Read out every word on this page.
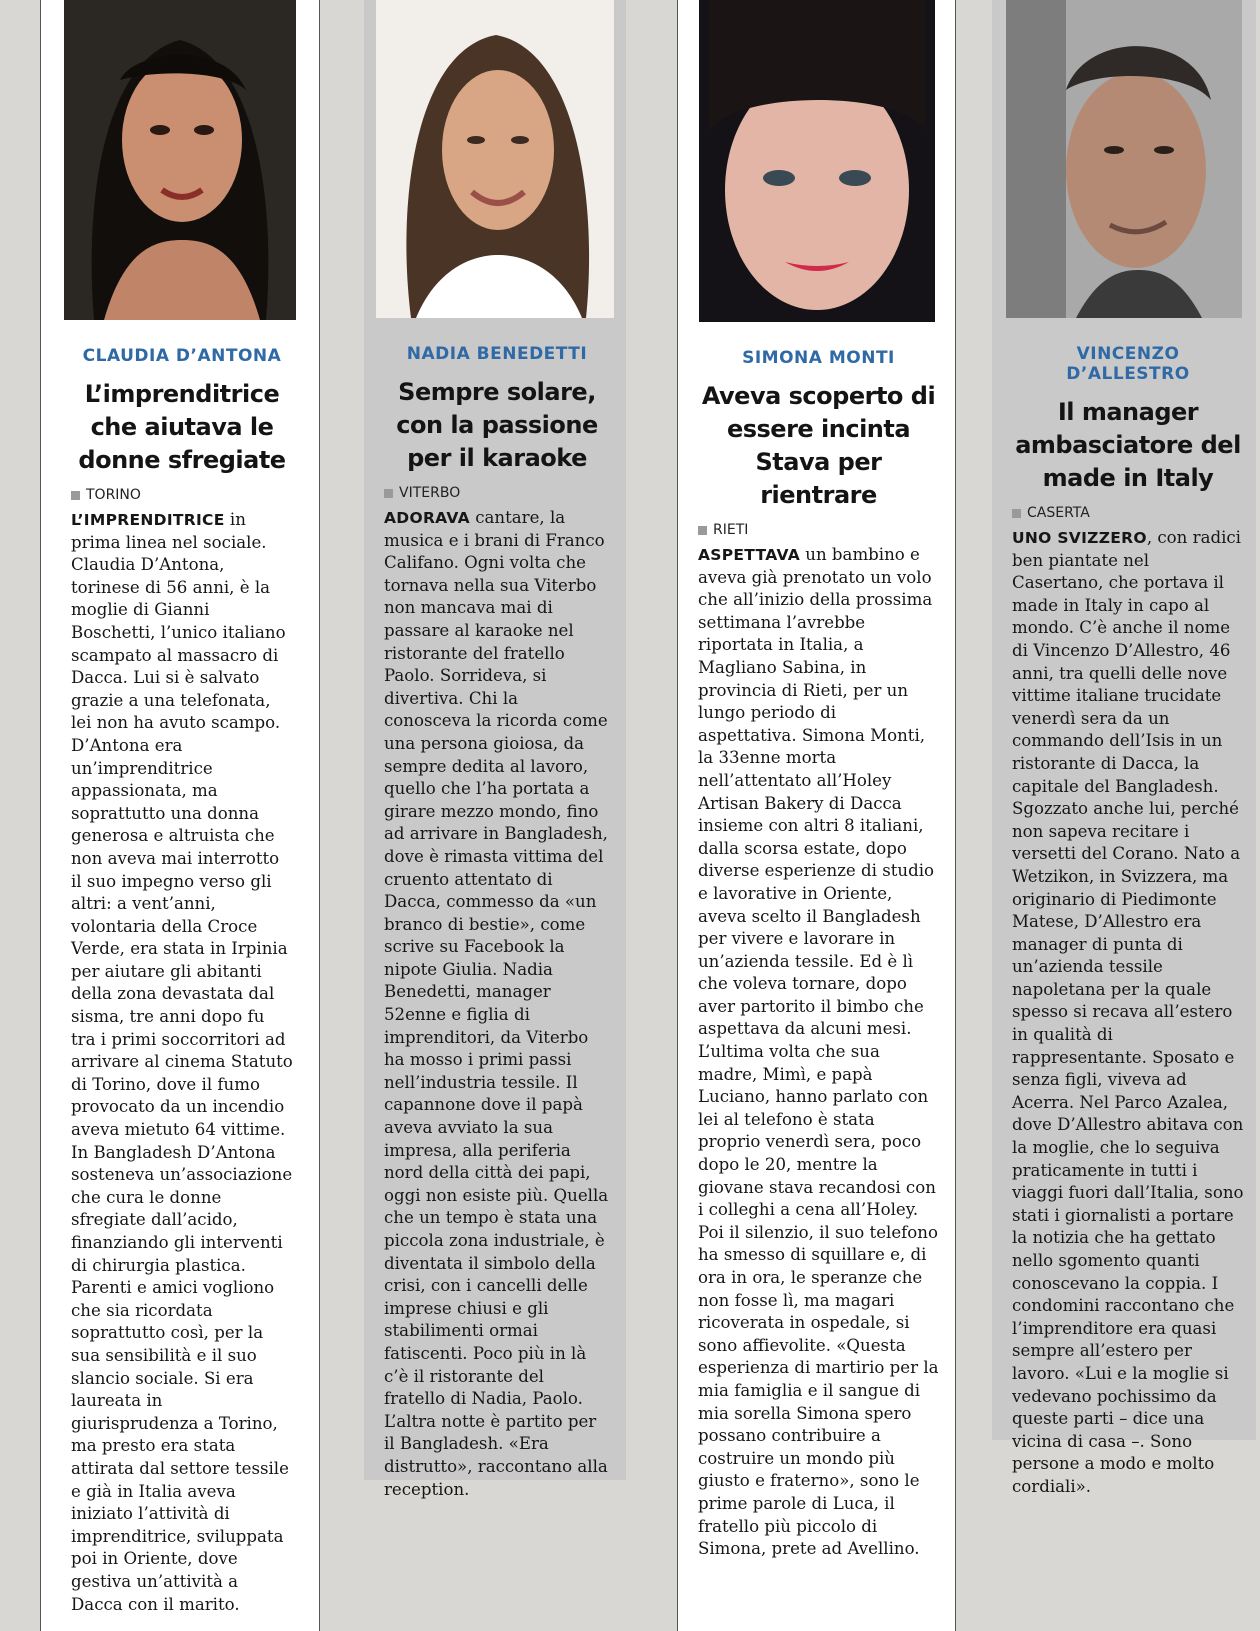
CLAUDIA D’ANTONA
L’imprenditrice che aiutava le donne sfregiate
TORINO
L’IMPRENDITRICE in prima linea nel sociale. Claudia D’Antona, torinese di 56 anni, è la moglie di Gianni Boschetti, l’unico italiano scampato al massacro di Dacca. Lui si è salvato grazie a una telefonata, lei non ha avuto scampo. D’Antona era un’imprenditrice appassionata, ma soprattutto una donna generosa e altruista che non aveva mai interrotto il suo impegno verso gli altri: a vent’anni, volontaria della Croce Verde, era stata in Irpinia per aiutare gli abitanti della zona devastata dal sisma, tre anni dopo fu tra i primi soccorritori ad arrivare al cinema Statuto di Torino, dove il fumo provocato da un incendio aveva mietuto 64 vittime. In Bangladesh D’Antona sosteneva un’associazione che cura le donne sfregiate dall’acido, finanziando gli interventi di chirurgia plastica. Parenti e amici vogliono che sia ricordata soprattutto così, per la sua sensibilità e il suo slancio sociale. Si era laureata in giurisprudenza a Torino, ma presto era stata attirata dal settore tessile e già in Italia aveva iniziato l’attività di imprenditrice, sviluppata poi in Oriente, dove gestiva un’attività a Dacca con il marito.
NADIA BENEDETTI
Sempre solare, con la passione per il karaoke
VITERBO
ADORAVA cantare, la musica e i brani di Franco Califano. Ogni volta che tornava nella sua Viterbo non mancava mai di passare al karaoke nel ristorante del fratello Paolo. Sorrideva, si divertiva. Chi la conosceva la ricorda come una persona gioiosa, da sempre dedita al lavoro, quello che l’ha portata a girare mezzo mondo, fino ad arrivare in Bangladesh, dove è rimasta vittima del cruento attentato di Dacca, commesso da «un branco di bestie», come scrive su Facebook la nipote Giulia. Nadia Benedetti, manager 52enne e figlia di imprenditori, da Viterbo ha mosso i primi passi nell’industria tessile. Il capannone dove il papà aveva avviato la sua impresa, alla periferia nord della città dei papi, oggi non esiste più. Quella che un tempo è stata una piccola zona industriale, è diventata il simbolo della crisi, con i cancelli delle imprese chiusi e gli stabilimenti ormai fatiscenti. Poco più in là c’è il ristorante del fratello di Nadia, Paolo. L’altra notte è partito per il Bangladesh. «Era distrutto», raccontano alla reception.
SIMONA MONTI
Aveva scoperto di essere incinta Stava per rientrare
RIETI
ASPETTAVA un bambino e aveva già prenotato un volo che all’inizio della prossima settimana l’avrebbe riportata in Italia, a Magliano Sabina, in provincia di Rieti, per un lungo periodo di aspettativa. Simona Monti, la 33enne morta nell’attentato all’Holey Artisan Bakery di Dacca insieme con altri 8 italiani, dalla scorsa estate, dopo diverse esperienze di studio e lavorative in Oriente, aveva scelto il Bangladesh per vivere e lavorare in un’azienda tessile. Ed è lì che voleva tornare, dopo aver partorito il bimbo che aspettava da alcuni mesi. L’ultima volta che sua madre, Mimì, e papà Luciano, hanno parlato con lei al telefono è stata proprio venerdì sera, poco dopo le 20, mentre la giovane stava recandosi con i colleghi a cena all’Holey. Poi il silenzio, il suo telefono ha smesso di squillare e, di ora in ora, le speranze che non fosse lì, ma magari ricoverata in ospedale, si sono affievolite. «Questa esperienza di martirio per la mia famiglia e il sangue di mia sorella Simona spero possano contribuire a costruire un mondo più giusto e fraterno», sono le prime parole di Luca, il fratello più piccolo di Simona, prete ad Avellino.
VINCENZO D’ALLESTRO
Il manager ambasciatore del made in Italy
CASERTA
UNO SVIZZERO, con radici ben piantate nel Casertano, che portava il made in Italy in capo al mondo. C’è anche il nome di Vincenzo D’Allestro, 46 anni, tra quelli delle nove vittime italiane trucidate venerdì sera da un commando dell’Isis in un ristorante di Dacca, la capitale del Bangladesh. Sgozzato anche lui, perché non sapeva recitare i versetti del Corano. Nato a Wetzikon, in Svizzera, ma originario di Piedimonte Matese, D’Allestro era manager di punta di un’azienda tessile napoletana per la quale spesso si recava all’estero in qualità di rappresentante. Sposato e senza figli, viveva ad Acerra. Nel Parco Azalea, dove D’Allestro abitava con la moglie, che lo seguiva praticamente in tutti i viaggi fuori dall’Italia, sono stati i giornalisti a portare la notizia che ha gettato nello sgomento quanti conoscevano la coppia. I condomini raccontano che l’imprenditore era quasi sempre all’estero per lavoro. «Lui e la moglie si vedevano pochissimo da queste parti – dice una vicina di casa –. Sono persone a modo e molto cordiali».
